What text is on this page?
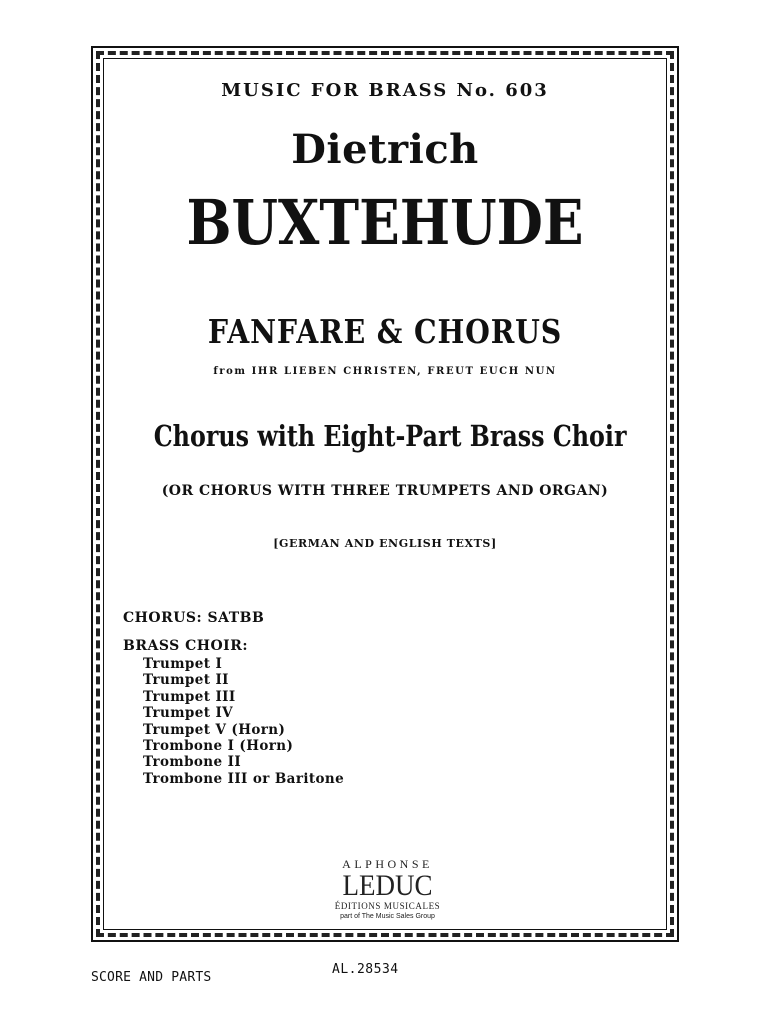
MUSIC FOR BRASS No. 603
Dietrich
BUXTEHUDE
FANFARE & CHORUS
from IHR LIEBEN CHRISTEN, FREUT EUCH NUN
Chorus with Eight-Part Brass Choir
(OR CHORUS WITH THREE TRUMPETS AND ORGAN)
[GERMAN AND ENGLISH TEXTS]
CHORUS: SATBB
BRASS CHOIR:
Trumpet I
Trumpet II
Trumpet III
Trumpet IV
Trumpet V (Horn)
Trombone I (Horn)
Trombone II
Trombone III or Baritone
ALPHONSE
LEDUC
ÉDITIONS MUSICALES
part of The Music Sales Group
AL.28534
SCORE AND PARTS
